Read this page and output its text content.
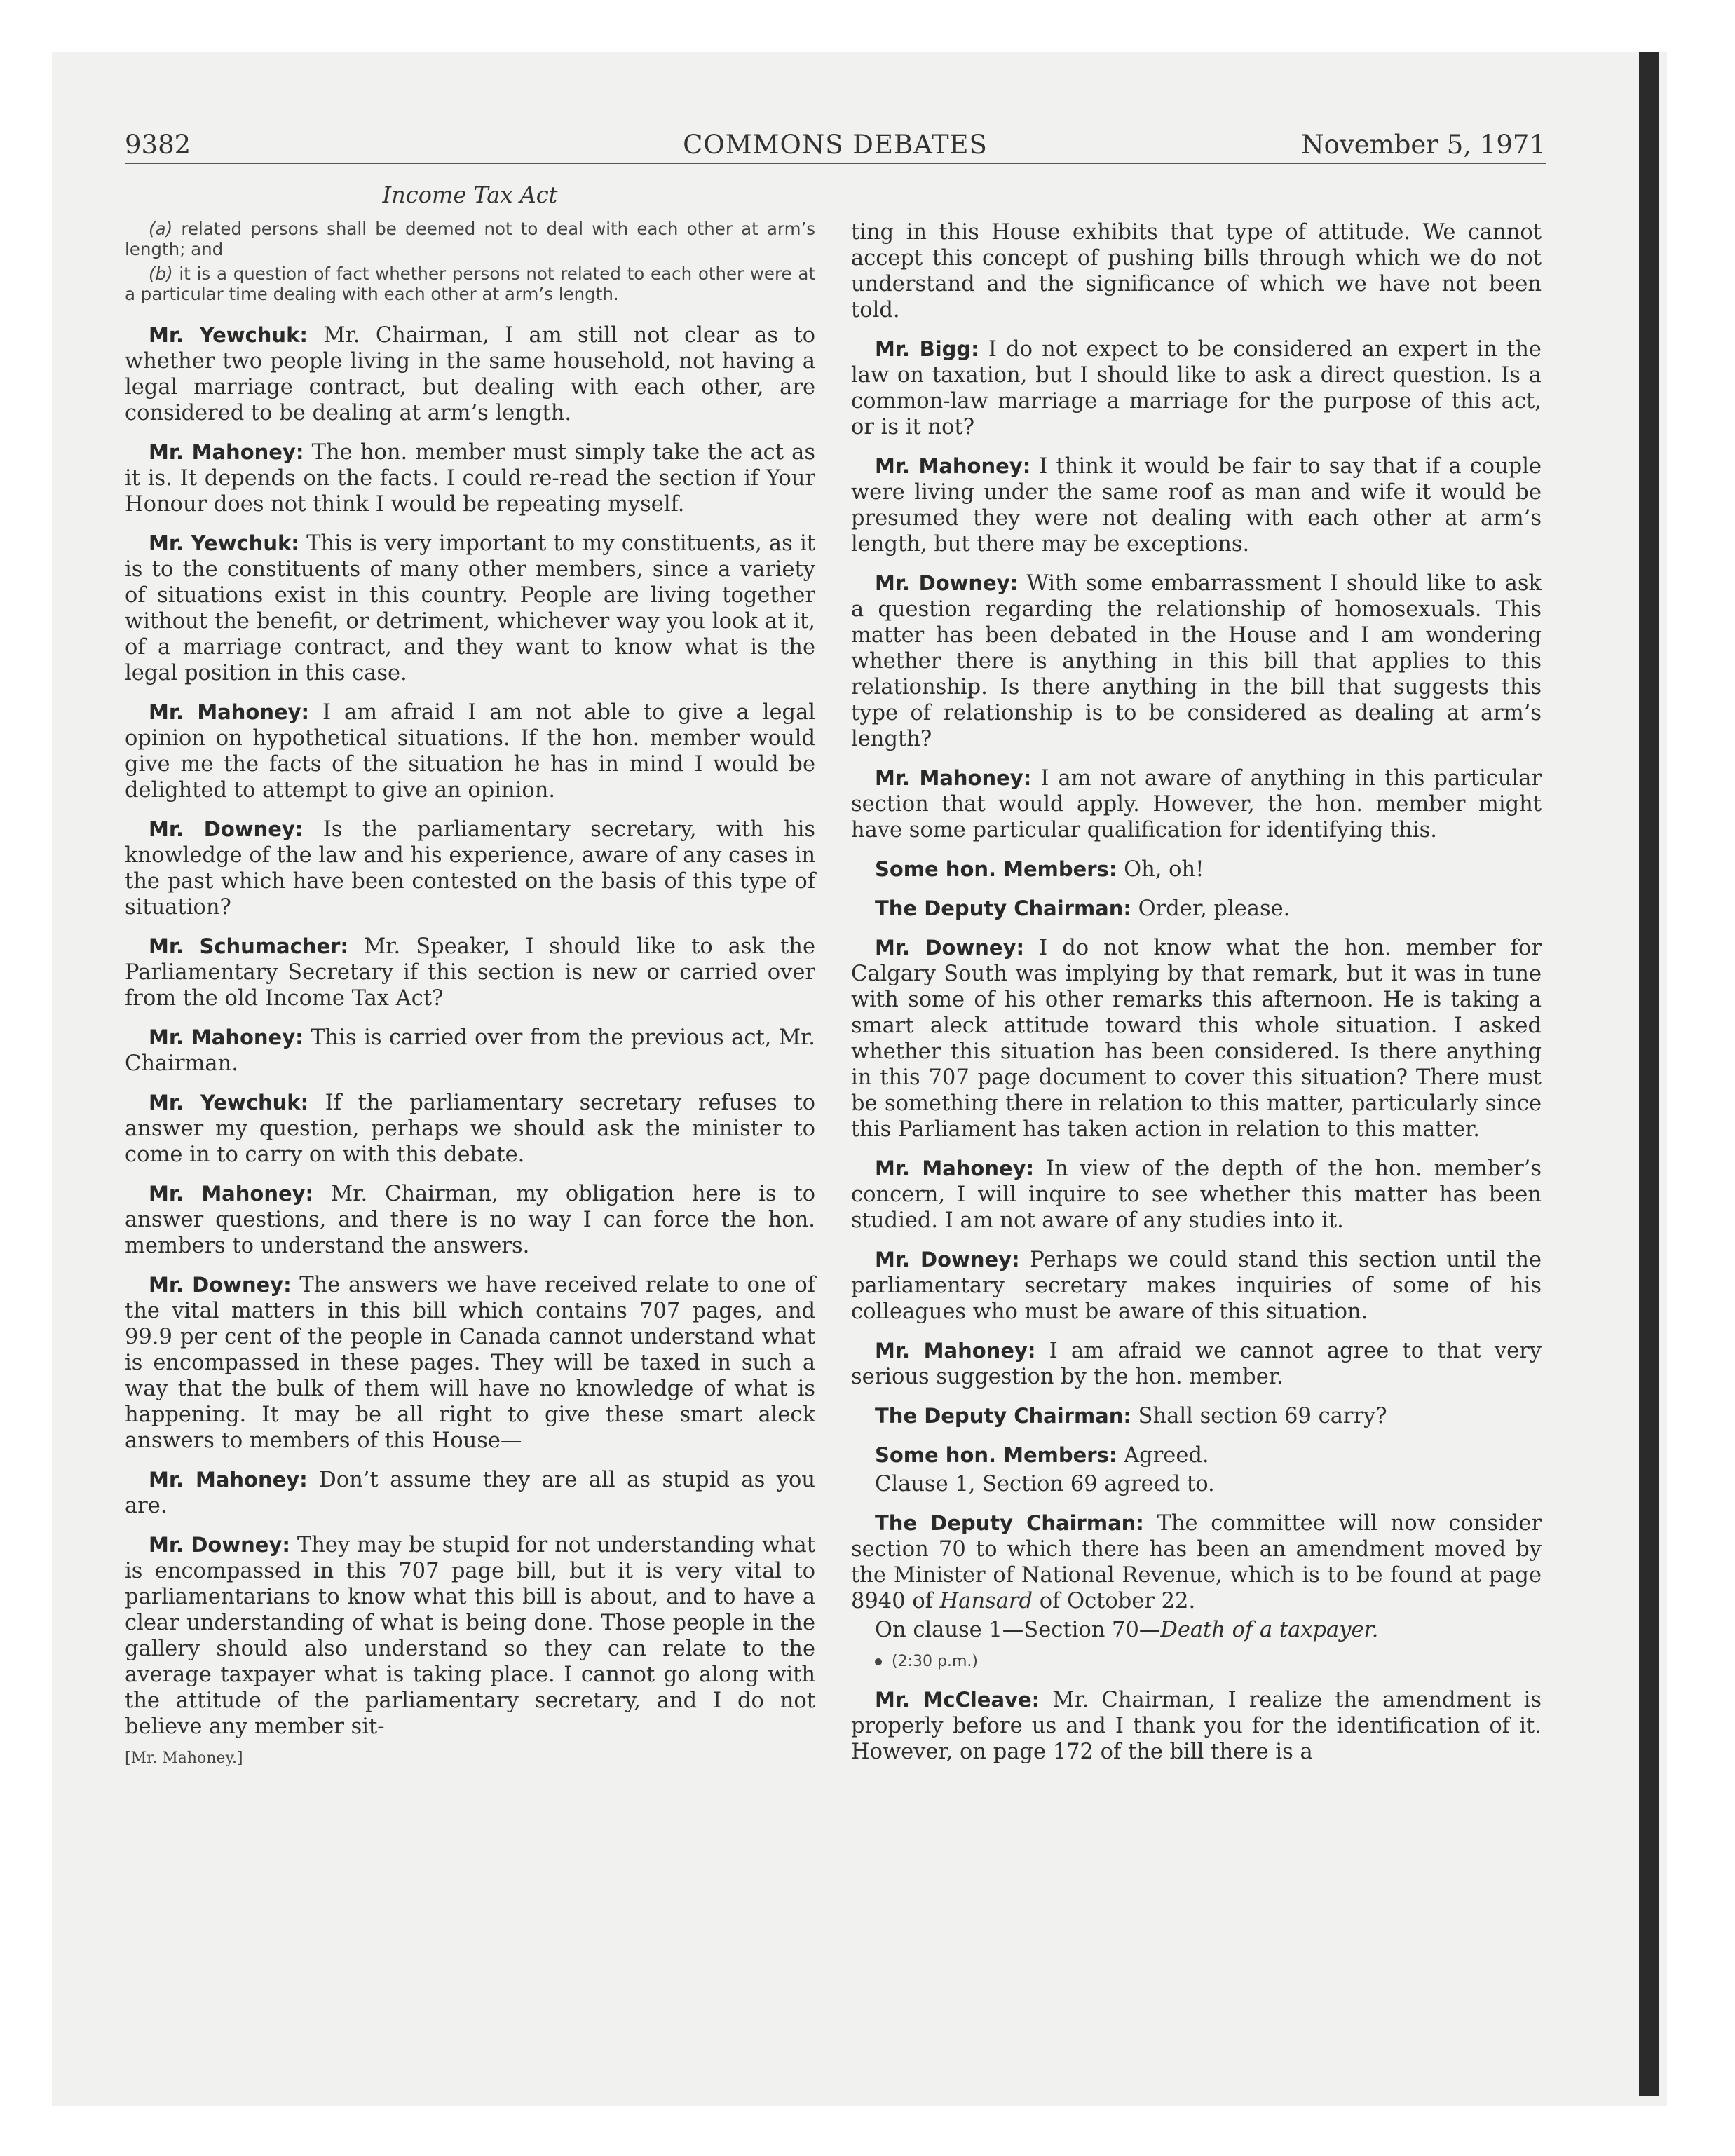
9382	COMMONS DEBATES	November 5, 1971
Income Tax Act
(a) related persons shall be deemed not to deal with each other at arm’s length; and
(b) it is a question of fact whether persons not related to each other were at a particular time dealing with each other at arm’s length.

Mr. Yewchuk: Mr. Chairman, I am still not clear as to whether two people living in the same household, not having a legal marriage contract, but dealing with each other, are considered to be dealing at arm’s length.

Mr. Mahoney: The hon. member must simply take the act as it is. It depends on the facts. I could re-read the section if Your Honour does not think I would be repeating myself.

Mr. Yewchuk: This is very important to my constituents, as it is to the constituents of many other members, since a variety of situations exist in this country. People are living together without the benefit, or detriment, whichever way you look at it, of a marriage contract, and they want to know what is the legal position in this case.

Mr. Mahoney: I am afraid I am not able to give a legal opinion on hypothetical situations. If the hon. member would give me the facts of the situation he has in mind I would be delighted to attempt to give an opinion.

Mr. Downey: Is the parliamentary secretary, with his knowledge of the law and his experience, aware of any cases in the past which have been contested on the basis of this type of situation?

Mr. Schumacher: Mr. Speaker, I should like to ask the Parliamentary Secretary if this section is new or carried over from the old Income Tax Act?

Mr. Mahoney: This is carried over from the previous act, Mr. Chairman.

Mr. Yewchuk: If the parliamentary secretary refuses to answer my question, perhaps we should ask the minister to come in to carry on with this debate.

Mr. Mahoney: Mr. Chairman, my obligation here is to answer questions, and there is no way I can force the hon. members to understand the answers.

Mr. Downey: The answers we have received relate to one of the vital matters in this bill which contains 707 pages, and 99.9 per cent of the people in Canada cannot understand what is encompassed in these pages. They will be taxed in such a way that the bulk of them will have no knowledge of what is happening. It may be all right to give these smart aleck answers to members of this House—

Mr. Mahoney: Don’t assume they are all as stupid as you are.

Mr. Downey: They may be stupid for not understanding what is encompassed in this 707 page bill, but it is very vital to parliamentarians to know what this bill is about, and to have a clear understanding of what is being done. Those people in the gallery should also understand so they can relate to the average taxpayer what is taking place. I cannot go along with the attitude of the parliamentary secretary, and I do not believe any member sit-

[Mr. Mahoney.]

ting in this House exhibits that type of attitude. We cannot accept this concept of pushing bills through which we do not understand and the significance of which we have not been told.

Mr. Bigg: I do not expect to be considered an expert in the law on taxation, but I should like to ask a direct question. Is a common-law marriage a marriage for the purpose of this act, or is it not?

Mr. Mahoney: I think it would be fair to say that if a couple were living under the same roof as man and wife it would be presumed they were not dealing with each other at arm’s length, but there may be exceptions.

Mr. Downey: With some embarrassment I should like to ask a question regarding the relationship of homosexuals. This matter has been debated in the House and I am wondering whether there is anything in this bill that applies to this relationship. Is there anything in the bill that suggests this type of relationship is to be considered as dealing at arm’s length?

Mr. Mahoney: I am not aware of anything in this particular section that would apply. However, the hon. member might have some particular qualification for identifying this.

Some hon. Members: Oh, oh!

The Deputy Chairman: Order, please.

Mr. Downey: I do not know what the hon. member for Calgary South was implying by that remark, but it was in tune with some of his other remarks this afternoon. He is taking a smart aleck attitude toward this whole situation. I asked whether this situation has been considered. Is there anything in this 707 page document to cover this situation? There must be something there in relation to this matter, particularly since this Parliament has taken action in relation to this matter.

Mr. Mahoney: In view of the depth of the hon. member’s concern, I will inquire to see whether this matter has been studied. I am not aware of any studies into it.

Mr. Downey: Perhaps we could stand this section until the parliamentary secretary makes inquiries of some of his colleagues who must be aware of this situation.

Mr. Mahoney: I am afraid we cannot agree to that very serious suggestion by the hon. member.

The Deputy Chairman: Shall section 69 carry?

Some hon. Members: Agreed.

Clause 1, Section 69 agreed to.

The Deputy Chairman: The committee will now consider section 70 to which there has been an amendment moved by the Minister of National Revenue, which is to be found at page 8940 of Hansard of October 22.

On clause 1—Section 70—Death of a taxpayer.

(2:30 p.m.)

Mr. McCleave: Mr. Chairman, I realize the amendment is properly before us and I thank you for the identification of it. However, on page 172 of the bill there is a
